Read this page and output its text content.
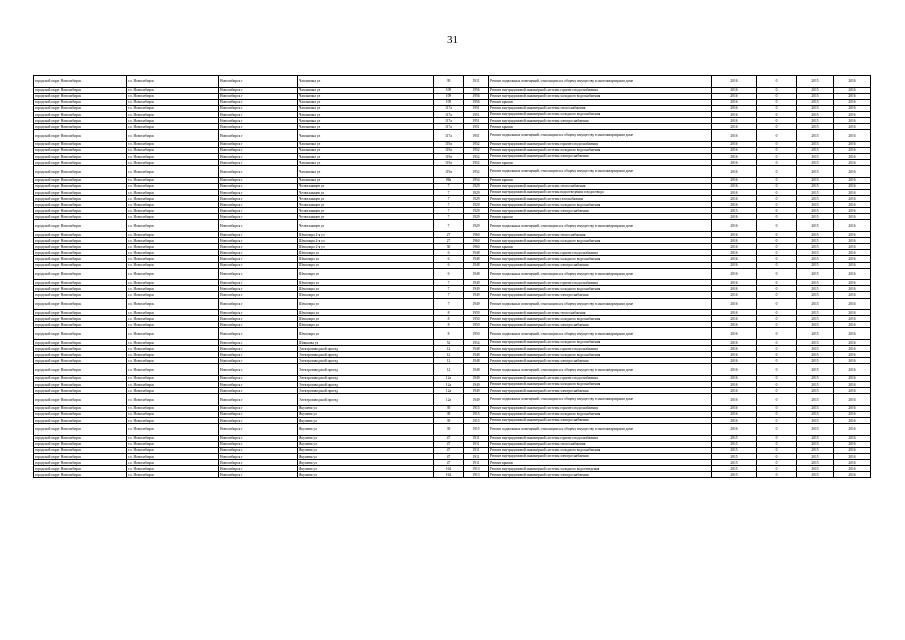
31
городской округ Новосибирск	г.о. Новосибирск	Новосибирск г	Чаплыгина ул	39	1911	Ремонт подвальных помещений, относящихся к общему имуществу в многоквартирном доме	2016	0	2015	2016
городской округ Новосибирск	г.о. Новосибирск	Новосибирск г	Чаплыгина ул	109	1956	Ремонт внутридомовой инженерной системы горячего водоснабжения	2016	0	2015	2016
городской округ Новосибирск	г.о. Новосибирск	Новосибирск г	Чаплыгина ул	109	1956	Ремонт внутридомовой инженерной системы холодного водоснабжения	2016	0	2015	2016
городской округ Новосибирск	г.о. Новосибирск	Новосибирск г	Чаплыгина ул	109	1956	Ремонт крыши	2016	0	2015	2016
городской округ Новосибирск	г.о. Новосибирск	Новосибирск г	Чаплыгина ул	117а	1951	Ремонт внутридомовой инженерной системы теплоснабжения	2016	0	2015	2016
городской округ Новосибирск	г.о. Новосибирск	Новосибирск г	Чаплыгина ул	117а	1951	Ремонт внутридомовой инженерной системы холодного водоснабжения	2016	0	2015	2016
городской округ Новосибирск	г.о. Новосибирск	Новосибирск г	Чаплыгина ул	117а	1951	Ремонт внутридомовой инженерной системы электроснабжения	2016	0	2015	2016
городской округ Новосибирск	г.о. Новосибирск	Новосибирск г	Чаплыгина ул	117а	1951	Ремонт крыши	2016	0	2015	2016
городской округ Новосибирск	г.о. Новосибирск	Новосибирск г	Чаплыгина ул	117а	1951	Ремонт подвальных помещений, относящихся к общему имуществу в многоквартирном доме	2016	0	2015	2016
городской округ Новосибирск	г.о. Новосибирск	Новосибирск г	Чаплыгина ул	119а	1952	Ремонт внутридомовой инженерной системы горячего водоснабжения	2016	0	2015	2016
городской округ Новосибирск	г.о. Новосибирск	Новосибирск г	Чаплыгина ул	119а	1952	Ремонт внутридомовой инженерной системы холодного водоснабжения	2016	0	2015	2016
городской округ Новосибирск	г.о. Новосибирск	Новосибирск г	Чаплыгина ул	119а	1952	Ремонт внутридомовой инженерной системы электроснабжения	2016	0	2015	2016
городской округ Новосибирск	г.о. Новосибирск	Новосибирск г	Чаплыгина ул	119а	1952	Ремонт крыши	2016	0	2015	2016
городской округ Новосибирск	г.о. Новосибирск	Новосибирск г	Чаплыгина ул	119а	1952	Ремонт подвальных помещений, относящихся к общему имуществу в многоквартирном доме	2016	0	2015	2016
городской округ Новосибирск	г.о. Новосибирск	Новосибирск г	Чаплыгина ул	98а	1954	Ремонт крыши	2016	0	2015	2016
городской округ Новосибирск	г.о. Новосибирск	Новосибирск г	Челюскинцев ул	7	1929	Ремонт внутридомовой инженерной системы теплоснабжения	2016	0	2015	2016
городской округ Новосибирск	г.о. Новосибирск	Новосибирск г	Челюскинцев ул	7	1929	Ремонт внутридомовой инженерной системы водоотведения и водоотвода	2016	0	2015	2016
городской округ Новосибирск	г.о. Новосибирск	Новосибирск г	Челюскинцев ул	7	1929	Ремонт внутридомовой инженерной системы газоснабжения	2016	0	2015	2016
городской округ Новосибирск	г.о. Новосибирск	Новосибирск г	Челюскинцев ул	7	1929	Ремонт внутридомовой инженерной системы холодного водоснабжения	2016	0	2015	2016
городской округ Новосибирск	г.о. Новосибирск	Новосибирск г	Челюскинцев ул	7	1929	Ремонт внутридомовой инженерной системы электроснабжения	2015	0	2015	2016
городской округ Новосибирск	г.о. Новосибирск	Новосибирск г	Челюскинцев ул	7	1929	Ремонт крыши	2016	0	2015	2016
городской округ Новосибирск	г.о. Новосибирск	Новосибирск г	Челюскинцев ул	7	1929	Ремонт подвальных помещений, относящихся к общему имуществу в многоквартирном доме	2016	0	2015	2016
городской округ Новосибирск	г.о. Новосибирск	Новосибирск г	Шекспира 2-я ул	27	1960	Ремонт внутридомовой инженерной системы теплоснабжения	2016	0	2015	2016
городской округ Новосибирск	г.о. Новосибирск	Новосибирск г	Шекспира 2-я ул	27	1960	Ремонт внутридомовой инженерной системы холодного водоснабжения	2016	0	2015	2016
городской округ Новосибирск	г.о. Новосибирск	Новосибирск г	Шекспира 2-я ул	30	1960	Ремонт крыши	2016	0	2015	2016
городской округ Новосибирск	г.о. Новосибирск	Новосибирск г	Шекспира ул	6	1948	Ремонт внутридомовой инженерной системы горячего водоснабжения	2016	0	2015	2016
городской округ Новосибирск	г.о. Новосибирск	Новосибирск г	Шекспира ул	6	1948	Ремонт внутридомовой инженерной системы холодного водоснабжения	2016	0	2015	2016
городской округ Новосибирск	г.о. Новосибирск	Новосибирск г	Шекспира ул	6	1948	Ремонт внутридомовой инженерной системы электроснабжения	2016	0	2015	2016
городской округ Новосибирск	г.о. Новосибирск	Новосибирск г	Шекспира ул	6	1948	Ремонт подвальных помещений, относящихся к общему имуществу в многоквартирном доме	2016	0	2015	2016
городской округ Новосибирск	г.о. Новосибирск	Новосибирск г	Шекспира ул	7	1949	Ремонт внутридомовой инженерной системы горячего водоснабжения	2016	0	2015	2016
городской округ Новосибирск	г.о. Новосибирск	Новосибирск г	Шекспира ул	7	1949	Ремонт внутридомовой инженерной системы холодного водоснабжения	2016	0	2015	2016
городской округ Новосибирск	г.о. Новосибирск	Новосибирск г	Шекспира ул	7	1949	Ремонт внутридомовой инженерной системы электроснабжения	2016	0	2015	2016
городской округ Новосибирск	г.о. Новосибирск	Новосибирск г	Шекспира ул	7	1949	Ремонт подвальных помещений, относящихся к общему имуществу в многоквартирном доме	2016	0	2015	2016
городской округ Новосибирск	г.о. Новосибирск	Новосибирск г	Шекспира ул	8	1950	Ремонт внутридомовой инженерной системы теплоснабжения	2016	0	2015	2016
городской округ Новосибирск	г.о. Новосибирск	Новосибирск г	Шекспира ул	8	1950	Ремонт внутридомовой инженерной системы холодного водоснабжения	2016	0	2015	2016
городской округ Новосибирск	г.о. Новосибирск	Новосибирск г	Шекспира ул	8	1950	Ремонт внутридомовой инженерной системы электроснабжения	2016	0	2015	2016
городской округ Новосибирск	г.о. Новосибирск	Новосибирск г	Шекспира ул	8	1950	Ремонт подвальных помещений, относящихся к общему имуществу в многоквартирном доме	2016	0	2015	2016
городской округ Новосибирск	г.о. Новосибирск	Новосибирск г	Шишкова ул	52	1954	Ремонт внутридомовой инженерной системы холодного водоснабжения	2016	0	2015	2016
городской округ Новосибирск	г.о. Новосибирск	Новосибирск г	Электрозаводской проезд	12	1948	Ремонт внутридомовой инженерной системы горячего водоснабжения	2016	0	2015	2016
городской округ Новосибирск	г.о. Новосибирск	Новосибирск г	Электрозаводской проезд	12	1948	Ремонт внутридомовой инженерной системы холодного водоснабжения	2016	0	2015	2016
городской округ Новосибирск	г.о. Новосибирск	Новосибирск г	Электрозаводской проезд	12	1948	Ремонт внутридомовой инженерной системы электроснабжения	2016	0	2015	2016
городской округ Новосибирск	г.о. Новосибирск	Новосибирск г	Электрозаводской проезд	12	1948	Ремонт подвальных помещений, относящихся к общему имуществу в многоквартирном доме	2016	0	2015	2016
городской округ Новосибирск	г.о. Новосибирск	Новосибирск г	Электрозаводской проезд	12а	1949	Ремонт внутридомовой инженерной системы горячего водоснабжения	2016	0	2015	2016
городской округ Новосибирск	г.о. Новосибирск	Новосибирск г	Электрозаводской проезд	12а	1949	Ремонт внутридомовой инженерной системы холодного водоснабжения	2016	0	2015	2016
городской округ Новосибирск	г.о. Новосибирск	Новосибирск г	Электрозаводской проезд	12а	1949	Ремонт внутридомовой инженерной системы электроснабжения	2016	0	2015	2016
городской округ Новосибирск	г.о. Новосибирск	Новосибирск г	Электрозаводской проезд	12а	1949	Ремонт подвальных помещений, относящихся к общему имуществу в многоквартирном доме	2016	0	2015	2016
городской округ Новосибирск	г.о. Новосибирск	Новосибирск г	Якушева ул	39	1915	Ремонт внутридомовой инженерной системы горячего водоснабжения	2016	0	2015	2016
городской округ Новосибирск	г.о. Новосибирск	Новосибирск г	Якушева ул	39	1915	Ремонт внутридомовой инженерной системы холодного водоснабжения	2016	0	2015	2016
городской округ Новосибирск	г.о. Новосибирск	Новосибирск г	Якушева ул	39	1915	Ремонт внутридомовой инженерной системы электроснабжения	2016	0	2015	2016
городской округ Новосибирск	г.о. Новосибирск	Новосибирск г	Якушева ул	39	1915	Ремонт подвальных помещений, относящихся к общему имуществу в многоквартирном доме	2016	0	2015	2016
городской округ Новосибирск	г.о. Новосибирск	Новосибирск г	Якушева ул	47	1911	Ремонт внутридомовой инженерной системы горячего водоснабжения	2015	0	2015	2016
городской округ Новосибирск	г.о. Новосибирск	Новосибирск г	Якушева ул	47	1911	Ремонт внутридомовой инженерной системы теплоснабжения	2015	0	2015	2016
городской округ Новосибирск	г.о. Новосибирск	Новосибирск г	Якушева ул	47	1911	Ремонт внутридомовой инженерной системы холодного водоснабжения	2015	0	2015	2016
городской округ Новосибирск	г.о. Новосибирск	Новосибирск г	Якушева ул	47	1911	Ремонт внутридомовой инженерной системы электроснабжения	2015	0	2015	2016
городской округ Новосибирск	г.о. Новосибирск	Новосибирск г	Якушева ул	47	1911	Ремонт крыши	2015	0	2015	2016
городской округ Новосибирск	г.о. Новосибирск	Новосибирск г	Якушева ул	164	1913	Ремонт внутридомовой инженерной системы холодного водоотведения	2015	0	2015	2016
городской округ Новосибирск	г.о. Новосибирск	Новосибирск г	Якушева ул	164	1913	Ремонт внутридомовой инженерной системы электроснабжения	2015	0	2015	2016
